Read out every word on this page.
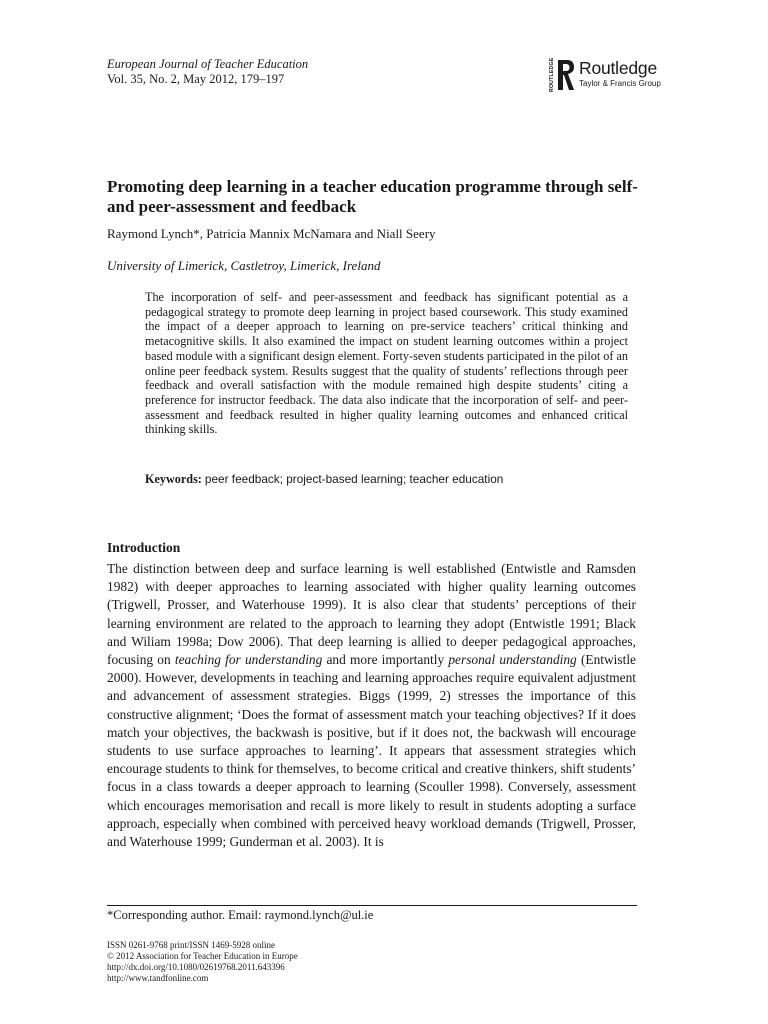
European Journal of Teacher Education
Vol. 35, No. 2, May 2012, 179–197	ROUTLEDGE Routledge
Taylor & Francis Group
Promoting deep learning in a teacher education programme through self- and peer-assessment and feedback
Raymond Lynch*, Patricia Mannix McNamara and Niall Seery
University of Limerick, Castletroy, Limerick, Ireland
The incorporation of self- and peer-assessment and feedback has significant potential as a pedagogical strategy to promote deep learning in project based coursework. This study examined the impact of a deeper approach to learning on pre-service teachers’ critical thinking and metacognitive skills. It also examined the impact on student learning outcomes within a project based module with a significant design element. Forty-seven students participated in the pilot of an online peer feedback system. Results suggest that the quality of students’ reflections through peer feedback and overall satisfaction with the module remained high despite students’ citing a preference for instructor feedback. The data also indicate that the incorporation of self- and peer-assessment and feedback resulted in higher quality learning outcomes and enhanced critical thinking skills.
Keywords: peer feedback; project-based learning; teacher education
Introduction

The distinction between deep and surface learning is well established (Entwistle and Ramsden 1982) with deeper approaches to learning associated with higher quality learning outcomes (Trigwell, Prosser, and Waterhouse 1999). It is also clear that students’ perceptions of their learning environment are related to the approach to learning they adopt (Entwistle 1991; Black and Wiliam 1998a; Dow 2006). That deep learning is allied to deeper pedagogical approaches, focusing on teaching for understanding and more importantly personal understanding (Entwistle 2000). However, developments in teaching and learning approaches require equivalent adjustment and advancement of assessment strategies. Biggs (1999, 2) stresses the importance of this constructive alignment; ‘Does the format of assessment match your teaching objectives? If it does match your objectives, the backwash is positive, but if it does not, the backwash will encourage students to use surface approaches to learning’. It appears that assessment strategies which encourage students to think for themselves, to become critical and creative thinkers, shift students’ focus in a class towards a deeper approach to learning (Scouller 1998). Conversely, assessment which encourages memorisation and recall is more likely to result in students adopting a surface approach, especially when combined with perceived heavy workload demands (Trigwell, Prosser, and Waterhouse 1999; Gunderman et al. 2003). It is

*Corresponding author. Email: raymond.lynch@ul.ie
ISSN 0261-9768 print/ISSN 1469-5928 online
© 2012 Association for Teacher Education in Europe
http://dx.doi.org/10.1080/02619768.2011.643396
http://www.tandfonline.com
